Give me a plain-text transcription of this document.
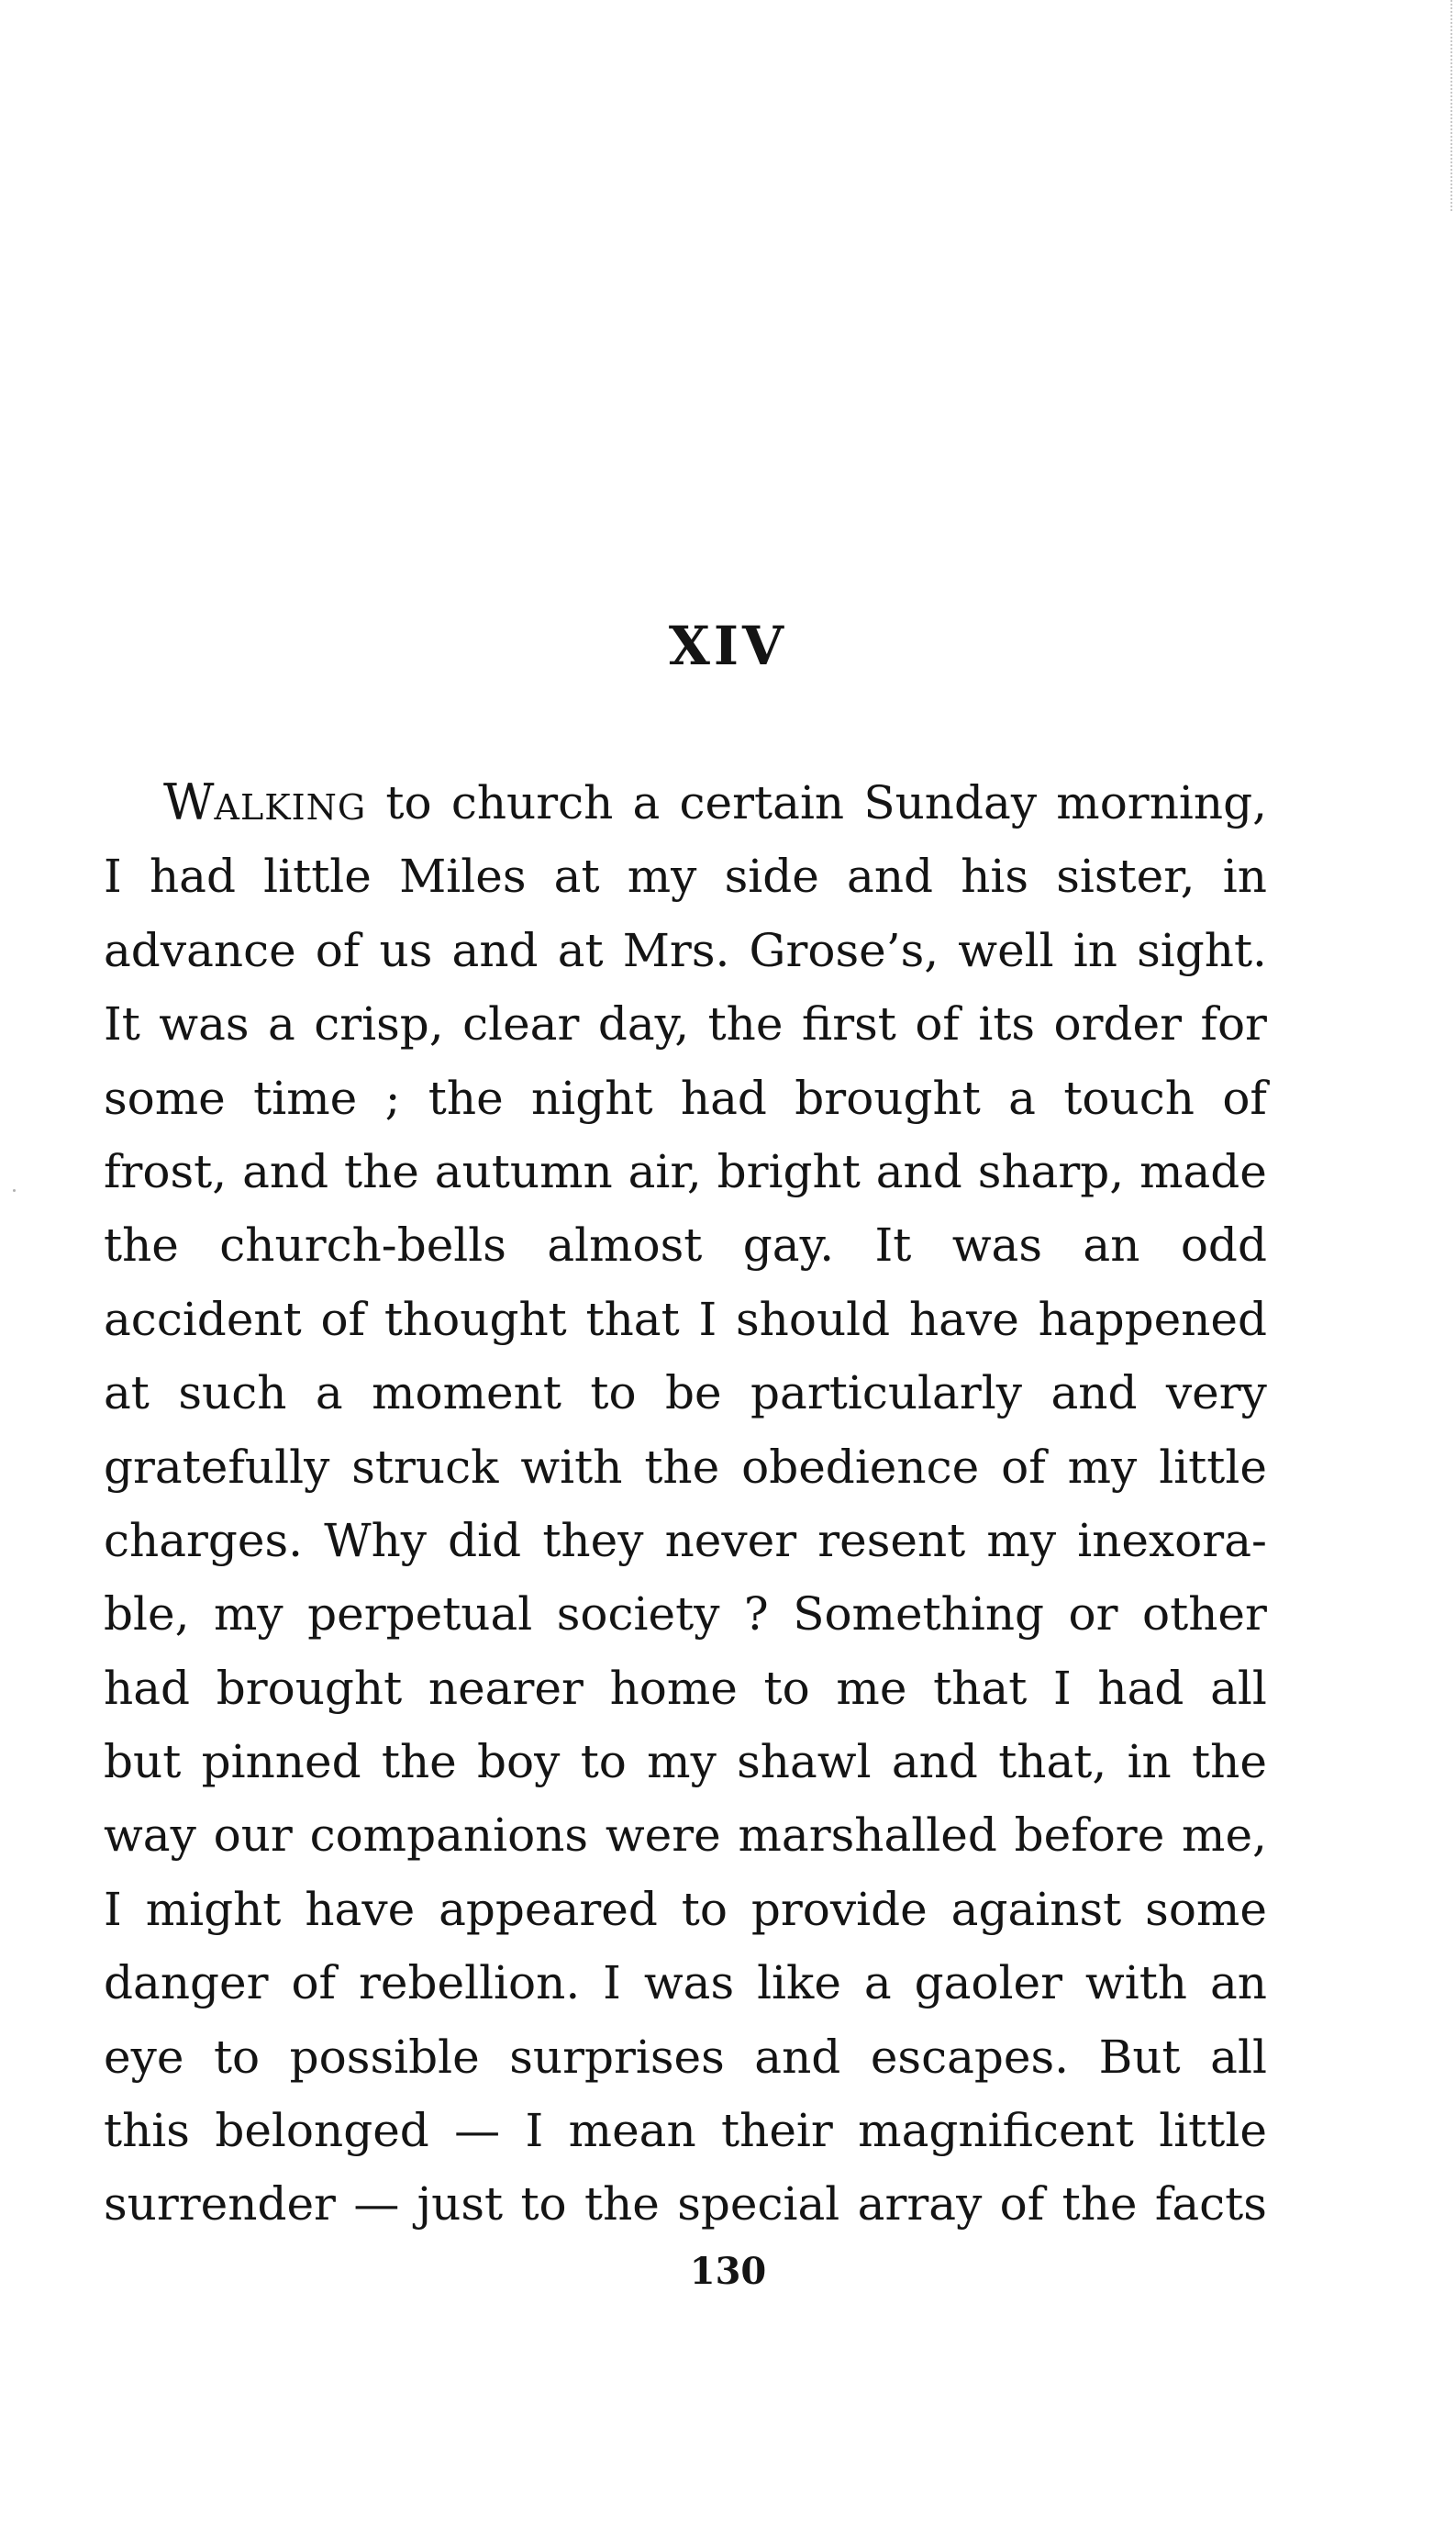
XIV
WALKING to church a certain Sunday morning,
I had little Miles at my side and his sister, in
advance of us and at Mrs. Grose’s, well in sight.
It was a crisp, clear day, the first of its order for
some time ; the night had brought a touch of
frost, and the autumn air, bright and sharp, made
the church-bells almost gay. It was an odd
accident of thought that I should have happened
at such a moment to be particularly and very
gratefully struck with the obedience of my little
charges. Why did they never resent my inexora-
ble, my perpetual society ? Something or other
had brought nearer home to me that I had all
but pinned the boy to my shawl and that, in the
way our companions were marshalled before me,
I might have appeared to provide against some
danger of rebellion. I was like a gaoler with an
eye to possible surprises and escapes. But all
this belonged — I mean their magnificent little
surrender — just to the special array of the facts
130
